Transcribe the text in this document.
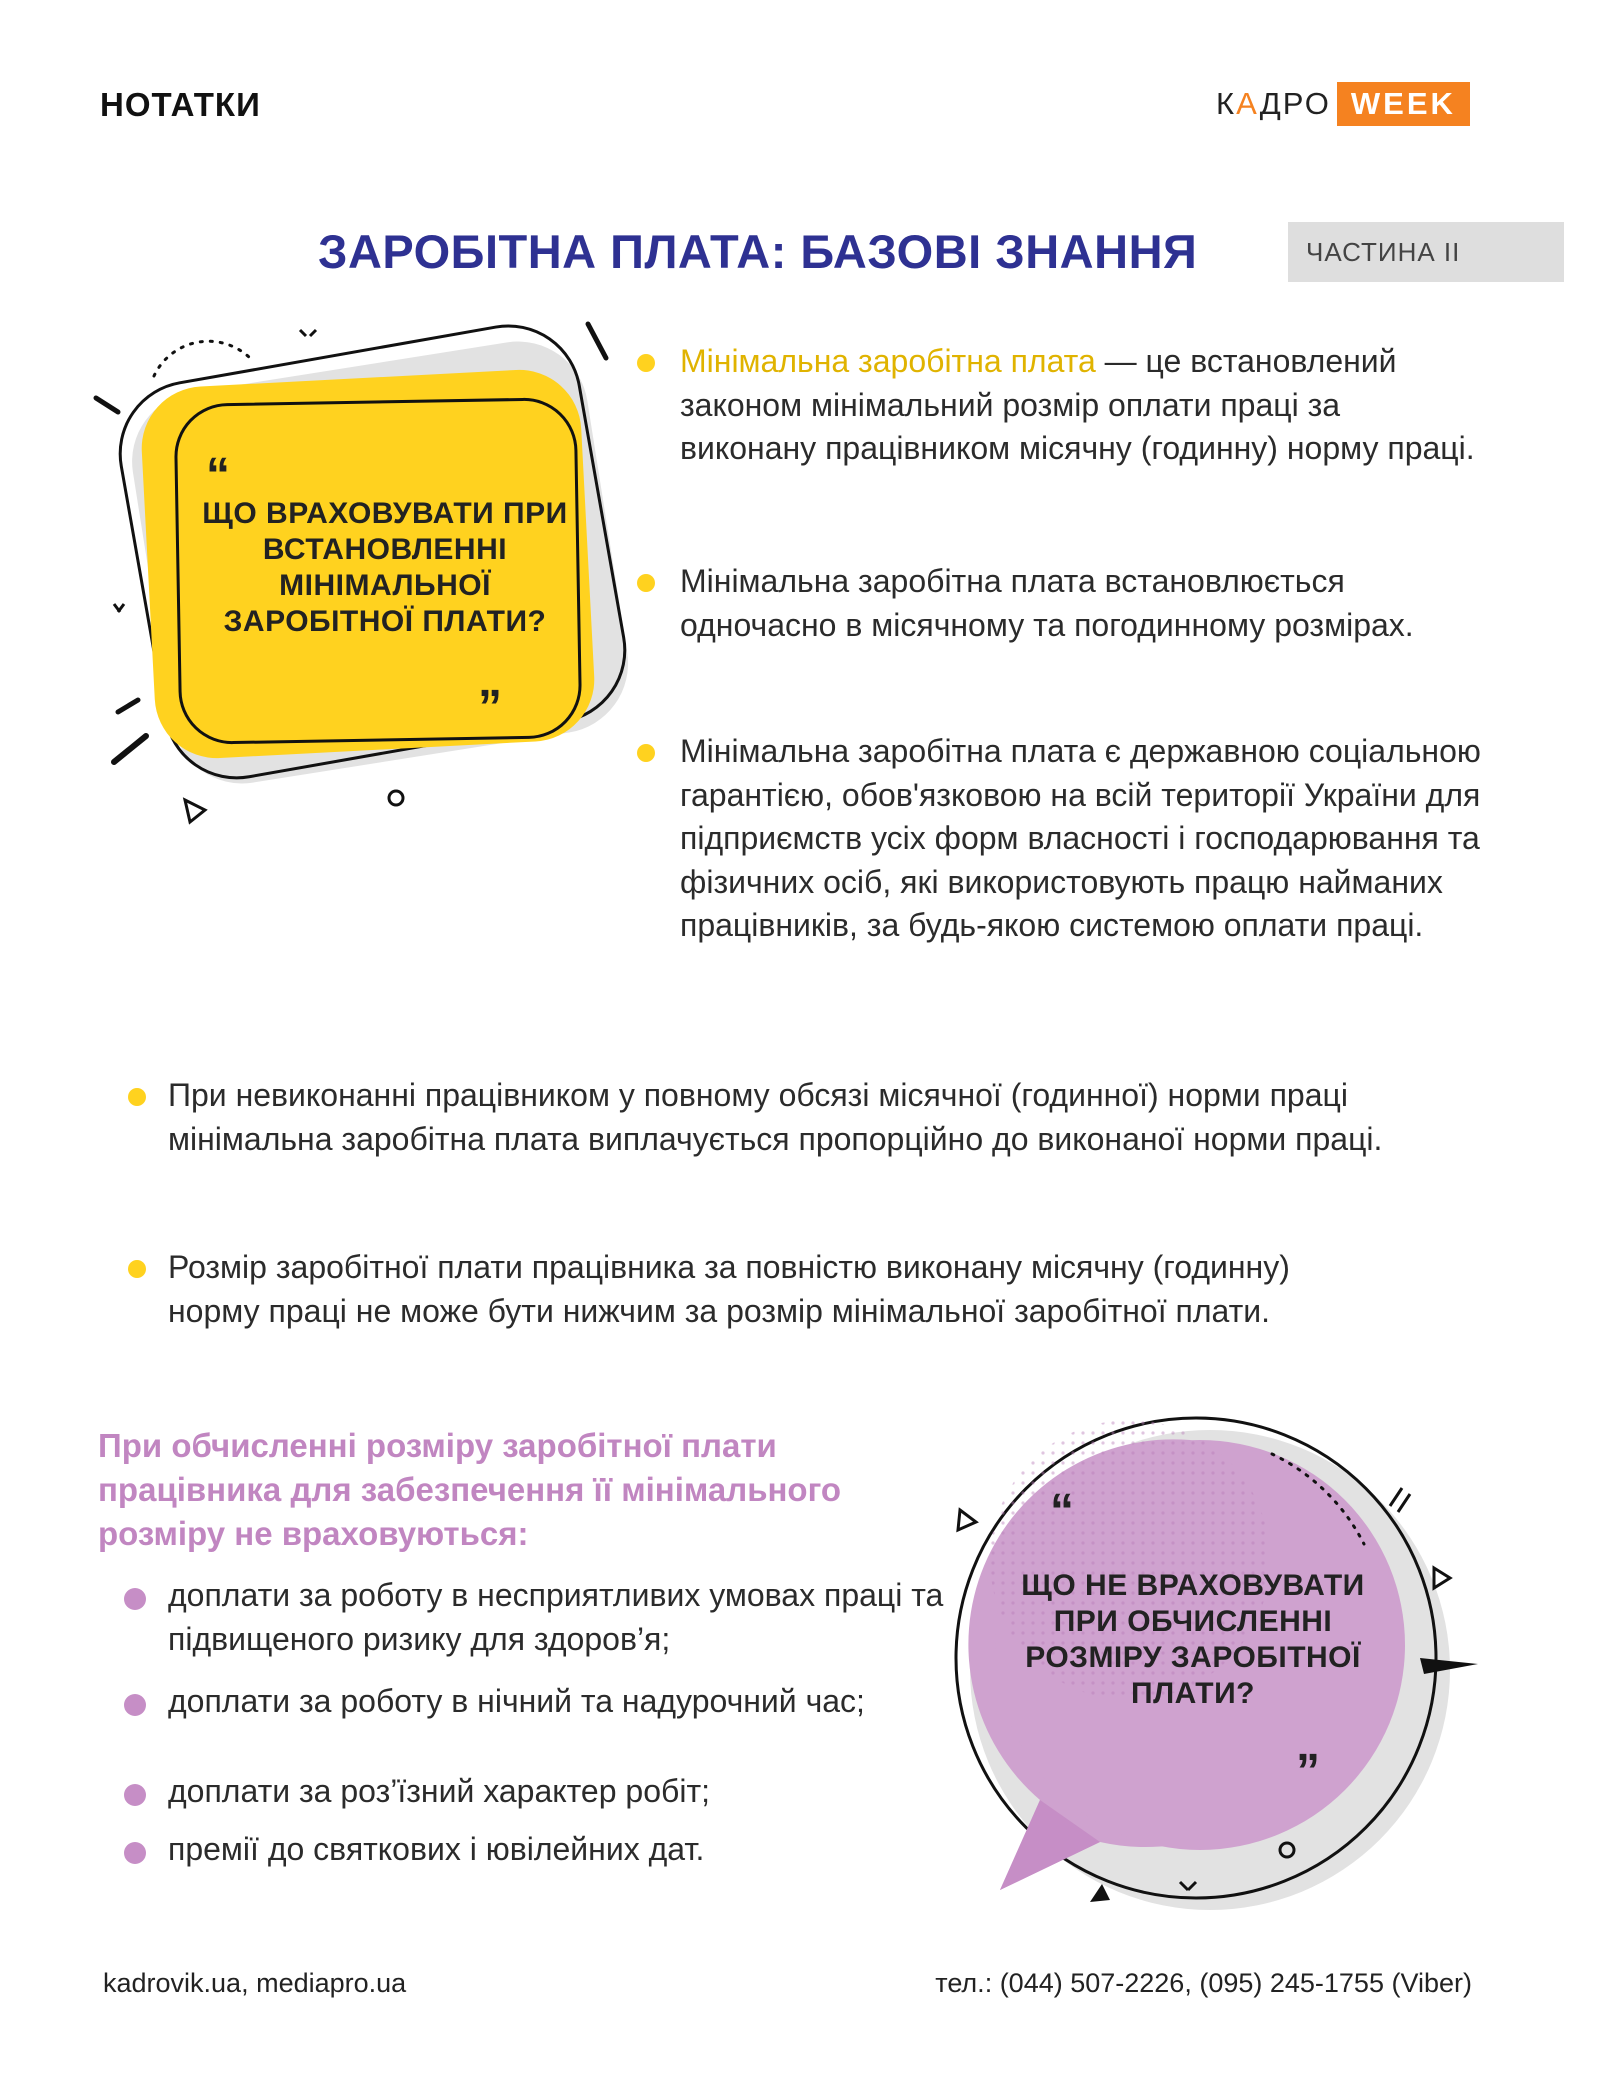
НОТАТКИ	КАДРО WEEK
ЗАРОБІТНА ПЛАТА: БАЗОВІ ЗНАННЯ	ЧАСТИНА II
“
ЩО ВРАХОВУВАТИ ПРИ ВСТАНОВЛЕННІ МІНІМАЛЬНОЇ ЗАРОБІТНОЇ ПЛАТИ?
”
Мінімальна заробітна плата — це встановлений законом мінімальний розмір оплати праці за виконану працівником місячну (годинну) норму праці.
Мінімальна заробітна плата встановлюється одночасно в місячному та погодинному розмірах.
Мінімальна заробітна плата є державною соціальною гарантією, обов'язковою на всій території України для підприємств усіх форм власності і господарювання та фізичних осіб, які використовують працю найманих працівників, за будь-якою системою оплати праці.
При невиконанні працівником у повному обсязі місячної (годинної) норми праці мінімальна заробітна плата виплачується пропорційно до виконаної норми праці.
Розмір заробітної плати працівника за повністю виконану місячну (годинну) норму праці не може бути нижчим за розмір мінімальної заробітної плати.
При обчисленні розміру заробітної плати працівника для забезпечення її мінімального розміру не враховуються:
доплати за роботу в несприятливих умовах праці та підвищеного ризику для здоров’я;
доплати за роботу в нічний та надурочний час;
доплати за роз’їзний характер робіт;
премії до святкових і ювілейних дат.
“
ЩО НЕ ВРАХОВУВАТИ ПРИ ОБЧИСЛЕННІ РОЗМІРУ ЗАРОБІТНОЇ ПЛАТИ?
”
kadrovik.ua, mediapro.ua	тел.: (044) 507-2226, (095) 245-1755 (Viber)
